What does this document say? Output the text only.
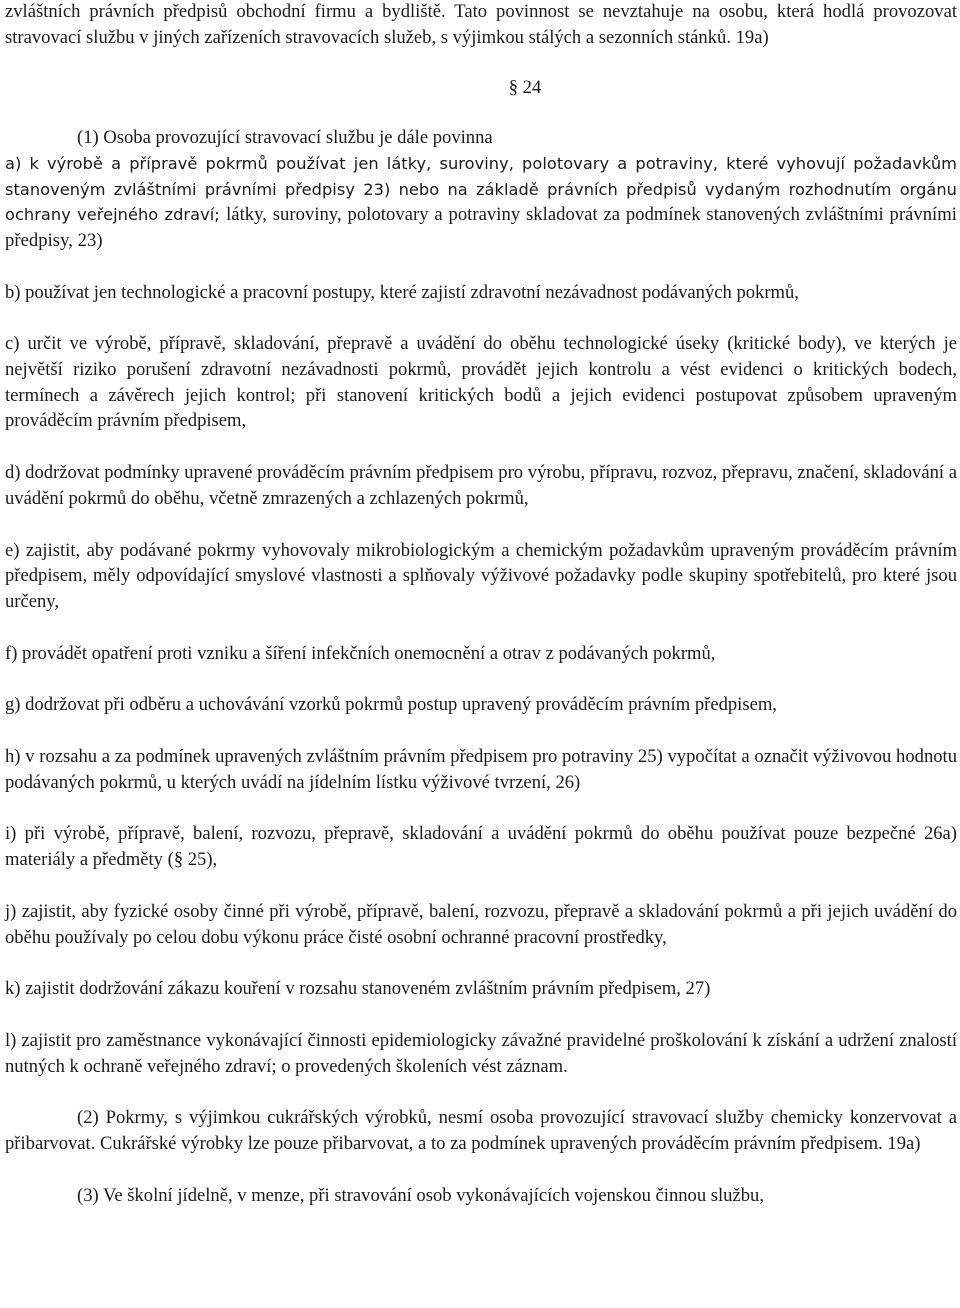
zvláštních právních předpisů obchodní firmu a bydliště. Tato povinnost se nevztahuje na osobu, která hodlá provozovat stravovací službu v jiných zařízeních stravovacích služeb, s výjimkou stálých a sezonních stánků. 19a)

§ 24

(1) Osoba provozující stravovací službu je dále povinna

a) k výrobě a přípravě pokrmů používat jen látky, suroviny, polotovary a potraviny, které vyhovují požadavkům stanoveným zvláštními právními předpisy 23) nebo na základě právních předpisů vydaným rozhodnutím orgánu ochrany veřejného zdraví; látky, suroviny, polotovary a potraviny skladovat za podmínek stanovených zvláštními právními předpisy, 23)

b) používat jen technologické a pracovní postupy, které zajistí zdravotní nezávadnost podávaných pokrmů,

c) určit ve výrobě, přípravě, skladování, přepravě a uvádění do oběhu technologické úseky (kritické body), ve kterých je největší riziko porušení zdravotní nezávadnosti pokrmů, provádět jejich kontrolu a vést evidenci o kritických bodech, termínech a závěrech jejich kontrol; při stanovení kritických bodů a jejich evidenci postupovat způsobem upraveným prováděcím právním předpisem,

d) dodržovat podmínky upravené prováděcím právním předpisem pro výrobu, přípravu, rozvoz, přepravu, značení, skladování a uvádění pokrmů do oběhu, včetně zmrazených a zchlazených pokrmů,

e) zajistit, aby podávané pokrmy vyhovovaly mikrobiologickým a chemickým požadavkům upraveným prováděcím právním předpisem, měly odpovídající smyslové vlastnosti a splňovaly výživové požadavky podle skupiny spotřebitelů, pro které jsou určeny,

f) provádět opatření proti vzniku a šíření infekčních onemocnění a otrav z podávaných pokrmů,

g) dodržovat při odběru a uchovávání vzorků pokrmů postup upravený prováděcím právním předpisem,

h) v rozsahu a za podmínek upravených zvláštním právním předpisem pro potraviny 25) vypočítat a označit výživovou hodnotu podávaných pokrmů, u kterých uvádí na jídelním lístku výživové tvrzení, 26)

i) při výrobě, přípravě, balení, rozvozu, přepravě, skladování a uvádění pokrmů do oběhu používat pouze bezpečné 26a) materiály a předměty (§ 25),

j) zajistit, aby fyzické osoby činné při výrobě, přípravě, balení, rozvozu, přepravě a skladování pokrmů a při jejich uvádění do oběhu používaly po celou dobu výkonu práce čisté osobní ochranné pracovní prostředky,

k) zajistit dodržování zákazu kouření v rozsahu stanoveném zvláštním právním předpisem, 27)

l) zajistit pro zaměstnance vykonávající činnosti epidemiologicky závažné pravidelné proškolování k získání a udržení znalostí nutných k ochraně veřejného zdraví; o provedených školeních vést záznam.

(2) Pokrmy, s výjimkou cukrářských výrobků, nesmí osoba provozující stravovací služby chemicky konzervovat a přibarvovat. Cukrářské výrobky lze pouze přibarvovat, a to za podmínek upravených prováděcím právním předpisem. 19a)

(3) Ve školní jídelně, v menze, při stravování osob vykonávajících vojenskou činnou službu,
